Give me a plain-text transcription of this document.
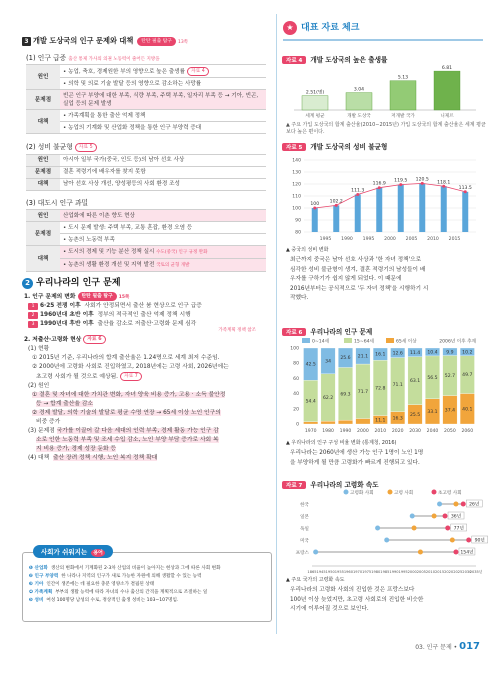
3 개발 도상국의 인구 문제와 대책 탄탄 필출 탐구 13쪽
(1) 인구 급증 출산 통제 가사의 의권 노동력이 줄어든 지방을
원인	• 농업, 축호, 경제원한 부의 영향으로 높은 출생률 자료 4
	• 의학 및 의료 기술 발달 등의 영향으로 감소하는 사망률
문제점	빈곤 인구 부양에 대한 부족, 식량 부족, 주택 부족, 일자리 부족 등 → 기아, 빈곤, 실업 등의 문제 발생
대책	• 가족계획을 통한 출산 억제 정책
	• 농업의 기계화 및 산업화 정책을 통한 인구 부양력 증대
(2) 성비 불균형 자료 5
원인	아시아 일부 국가(중국, 인도 등)의 남아 선호 사상
문제점	결혼 적령기에 배우자를 찾지 못함
대책	남아 선호 사상 개선, 양성평등의 사회 환경 조성
(3) 대도시 인구 과밀
원인	산업화에 따른 이촌 향도 현상
문제점	• 도시 문제 발생: 주택 부족, 교통 혼잡, 환경 오염 등
	• 농촌의 노동력 부족
대책	• 도시의 경제 및 기능 분산 정책 실시 수도(중국) 인구 규정 완화
	• 농촌의 생활 환경 개선 및 지역 발전 국토의 균형 개발
2 우리나라의 인구 문제
1. 인구 문제의 변화 탄탄 필출 탐구 15쪽
1 6·25 전쟁 이후 사회가 안정되면서 출산 붐 현상으로 인구 급증
2 1960년대 초반 이후 정부의 적극적인 출산 억제 정책 시행
3 1990년대 후반 이후 출산율 감소로 저출산·고령화 문제 심각
가족계획 정책 참조
2. 저출산·고령화 현상 자료 6
(1) 현황
① 2015년 기준, 우리나라의 합계 출산율은 1.24명으로 세계 최저 수준임.
② 2000년에 고령화 사회로 진입하였고, 2018년에는 고령 사회, 2026년에는
초고령 사회가 될 것으로 예상됨. 자료 7
(2) 원인
① 결혼 및 자녀에 대한 가치관 변화, 자녀 양육 비용 증가, 고용 · 소득 불안정
등 → 합계 출산율 감소
② 경제 발달, 의학 기술의 발달로 평균 수명 연장 → 65세 이상 노인 인구의
비중 증가
(3) 문제점 국가를 이끌어 갈 다음 세대의 인력 부족, 경제 활동 가능 인구 감
소로 인한 노동력 부족 및 조세 수입 감소, 노인 부양 부담 증가로 사회 복
지 비용 증가, 경제 성장 둔화 등
(4) 대책 출산 장려 정책 시행, 노인 복지 정책 확대
사회가 쉬워지는 용어

❶ 산업화 생산의 변화에서 기계화된 2·3차 산업의 비율이 높아지는 현상과 그에 따른 사회 변화

❷ 인구 부양력 한 나라나 지역의 인구가 새로 가능한 자원에 의해 생활할 수 있는 능력

❸ 기아 인간이 생존에는 데 필요한 충분 영양소가 결핍된 상태

❹ 가족계획 부부의 생활 능력에 따라 자녀의 수나 출산의 간격을 계획적으로 조절하는 일

❺ 성비 여성 100명당 남성의 수로, 정상적인 출생 성비는 103∼107명임.

★ 대표 자료 체크
자료 4 개발 도상국의 높은 출생률
2.51(명)
세계 평균
3.04
개발 도상국
5.13
저개발 국가
6.81
니제르
▲ 주요 가입 도상국의 합계 출산율(2010∼2015년) 가입 도상국의 합계 출산율은 세계 평균보다 높은 편이다.
자료 5 개발 도상국의 성비 불균형
80
90
100
110
120
130
140
100
102.2
111.3
116.9
119.5 120.5
118.1
113.5
1995 1990 1995 2000 2005 2010 2015
▲ 중국의 성비 변화
최근까지 중국은 남아 선호 사상과 '한 자녀 정책'으로
심각한 성비 불균형이 생겨, 결혼 적령기의 남성들이 배
우자를 구하기가 쉽지 않게 되었다. 이 때문에
2016년부터는 공식적으로 '두 자녀 정책'을 시행하기 시
작했다.
자료 6 우리나라의 인구 문제
0∼14세	15∼64세	65세 이상	2006년 이후 추계
0
20
40
60
80
100
54.4
42.5
1970
62.2
34
1980
69.3
25.6
1990
71.7
21.1
2000
11.1
72.8
16.1
2010
16.3
71.1
12.6
2020
25.5
63.1
11.4
2030
33.1
56.5
10.4
2040
37.4
52.7
9.9
2050
40.1
49.7
10.2
2060
▲ 우리나라의 인구 구성 비율 변화 (통계청, 2016)
우리나라는 2060년에 생산 가능 인구 1명이 노인 1명
을 부양하게 될 만큼 고령화가 빠르게 진행되고 있다.
자료 7 우리나라의 고령화 속도
고령화 사회	고령 사회	초고령 사회
한국	26년
일본	36년
독일	77년
미국	90년
프랑스	154년
1865 1945 1950 1955 1960 1970 1975 1980 1985 1990 1995 2000 2005 2010 2015 2020 2025 2030
2035년
▲ 주요 국가의 고령화 속도
우리나라의 고령화 사회의 진입한 것은 프랑스보다
100년 이상 늦었지만, 초고령 사회로의 진입한 비슷한
시기에 이루어질 것으로 보인다.
03. 인구 문제 • 017
